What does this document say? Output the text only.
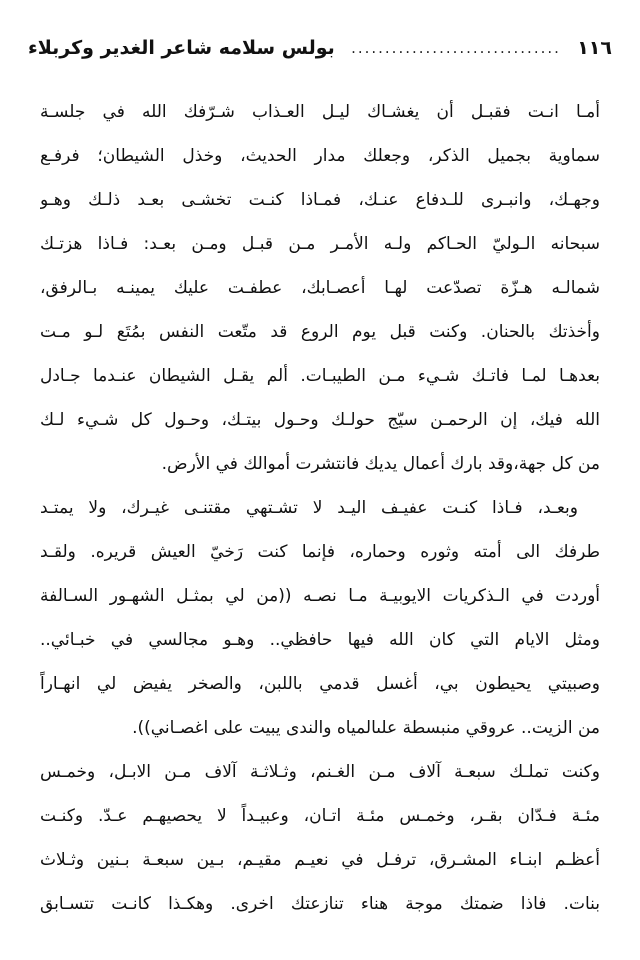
١١٦
...............................
بولس سلامه شاعر الغدير وكربلاء
أمـا انـت فقبـل أن يغشـاك ليـل العـذاب شـرّفك الله في جلسـة
سماوية بجميل الذكر، وجعلك مدار الحديث، وخذل الشيطان؛ فرفـع
وجهـك، وانبـرى للـدفاع عنـك، فمـاذا كنـت تخشـى بعـد ذلـك وهـو
سبحانه الـوليّ الحـاكم ولـه الأمـر مـن قبـل ومـن بعـد: فـاذا هزتـك
شمالـه هـزّة تصدّعت لهـا أعصـابك، عطفـت عليك يمينـه بـالرفق،
وأخذتك بالحنان. وكنت قبل يوم الروع قد متّعت النفس بمُتَع لـو مـت
بعدهـا لمـا فاتـك شـيء مـن الطيبـات. ألم يقـل الشيطان عنـدما جـادل
الله فيك، إن الرحمـن سيّج حولـك وحـول بيتـك، وحـول كل شـيء لـك
من كل جهة،وقد بارك أعمال يديك فانتشرت أموالك في الأرض.
وبعـد، فـاذا كنـت عفيـف اليـد لا تشـتهي مقتنـى غيـرك، ولا يمتـد
طرفك الى أمته وثوره وحماره، فإنما كنت رَخيّ العيش قريره. ولقـد
أوردت في الـذكريات الايوبيـة مـا نصـه ((من لي بمثـل الشهـور السـالفة
ومثل الايام التي كان الله فيها حافظي.. وهـو مجالسي في خبـائي..
وصبيتي يحيطون بي، أغسل قدمي باللبن، والصخر يفيض لي انهـاراً
من الزيت.. عروقي منبسطة علىالمياه والندى يبيت على اغصـاني)).
وكنت تملـك سبعـة آلاف مـن الغـنم، وثـلاثـة آلاف مـن الابـل، وخمـس
مئـة فـدّان بقـر، وخمـس مئـة اتـان، وعبيـداً لا يحصيهـم عـدّ. وكنـت
أعظـم ابنـاء المشـرق، ترفـل في نعيـم مقيـم، بـين سبعـة بـنين وثـلاث
بنات. فاذا ضمتك موجة هناء تنازعتك اخرى. وهكـذا كانـت تتسـابق
